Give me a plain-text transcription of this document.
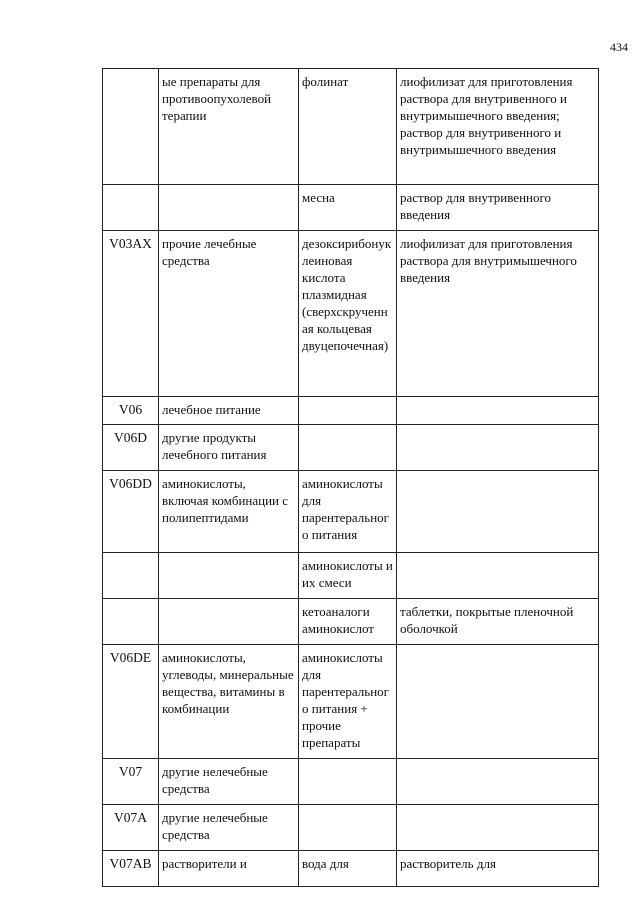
434
	ые препараты для противоопухолевой терапии	фолинат	лиофилизат для приготовления раствора для внутривенного и внутримышечного введения; раствор для внутривенного и внутримышечного введения
		месна	раствор для внутривенного введения
V03AX	прочие лечебные средства	дезоксирибонуклеиновая кислота плазмидная (сверхскрученная кольцевая двуцепочечная)	лиофилизат для приготовления раствора для внутримышечного введения
V06	лечебное питание		
V06D	другие продукты лечебного питания		
V06DD	аминокислоты, включая комбинации с полипептидами	аминокислоты для парентерального питания	
		аминокислоты и их смеси	
		кетоаналоги аминокислот	таблетки, покрытые пленочной оболочкой
V06DE	аминокислоты, углеводы, минеральные вещества, витамины в комбинации	аминокислоты для парентерального питания + прочие препараты	
V07	другие нелечебные средства		
V07A	другие нелечебные средства		
V07AB	растворители и	вода для	растворитель для
